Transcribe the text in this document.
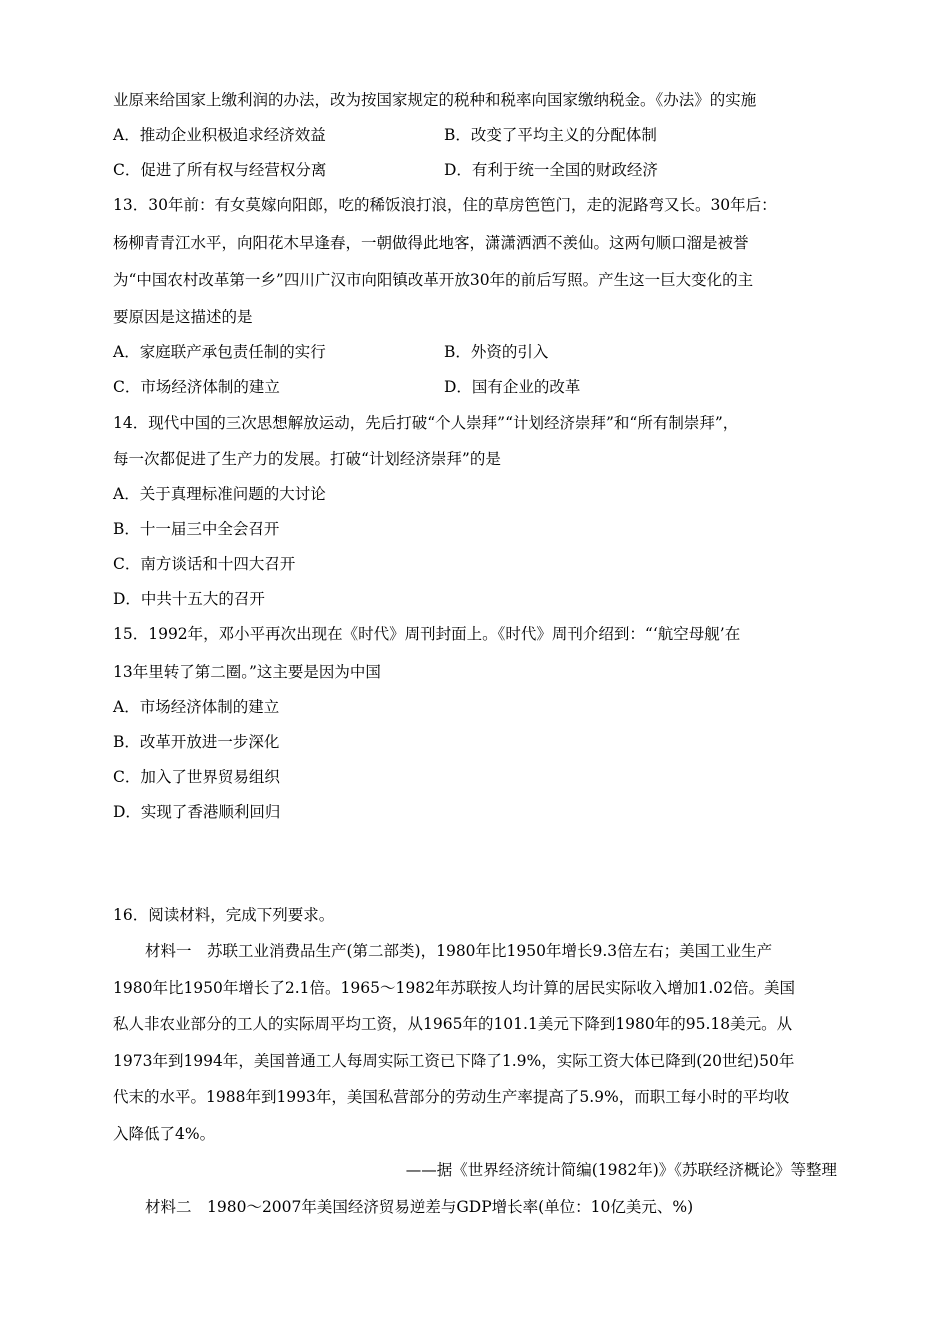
业原来给国家上缴利润的办法，改为按国家规定的税种和税率向国家缴纳税金。《办法》的实施
A．推动企业积极追求经济效益	B．改变了平均主义的分配体制
C．促进了所有权与经营权分离	D．有利于统一全国的财政经济
13．30年前：有女莫嫁向阳郎，吃的稀饭浪打浪，住的草房笆笆门，走的泥路弯又长。30年后：
杨柳青青江水平，向阳花木早逢春，一朝做得此地客，潇潇洒洒不羡仙。这两句顺口溜是被誉
为“中国农村改革第一乡”四川广汉市向阳镇改革开放30年的前后写照。产生这一巨大变化的主
要原因是这描述的是
A．家庭联产承包责任制的实行	B．外资的引入
C．市场经济体制的建立	D．国有企业的改革
14．现代中国的三次思想解放运动，先后打破“个人崇拜”“计划经济崇拜”和“所有制崇拜”，
每一次都促进了生产力的发展。打破“计划经济崇拜”的是
A．关于真理标准问题的大讨论
B．十一届三中全会召开
C．南方谈话和十四大召开
D．中共十五大的召开
15．1992年，邓小平再次出现在《时代》周刊封面上。《时代》周刊介绍到：“‘航空母舰’在
13年里转了第二圈。”这主要是因为中国
A．市场经济体制的建立
B．改革开放进一步深化
C．加入了世界贸易组织
D．实现了香港顺利回归
16．阅读材料，完成下列要求。
材料一　苏联工业消费品生产(第二部类)，1980年比1950年增长9.3倍左右；美国工业生产
1980年比1950年增长了2.1倍。1965～1982年苏联按人均计算的居民实际收入增加1.02倍。美国
私人非农业部分的工人的实际周平均工资，从1965年的101.1美元下降到1980年的95.18美元。从
1973年到1994年，美国普通工人每周实际工资已下降了1.9%，实际工资大体已降到(20世纪)50年
代末的水平。1988年到1993年，美国私营部分的劳动生产率提高了5.9%，而职工每小时的平均收
入降低了4%。
——据《世界经济统计简编(1982年)》《苏联经济概论》等整理
材料二　1980～2007年美国经济贸易逆差与GDP增长率(单位：10亿美元、%)
